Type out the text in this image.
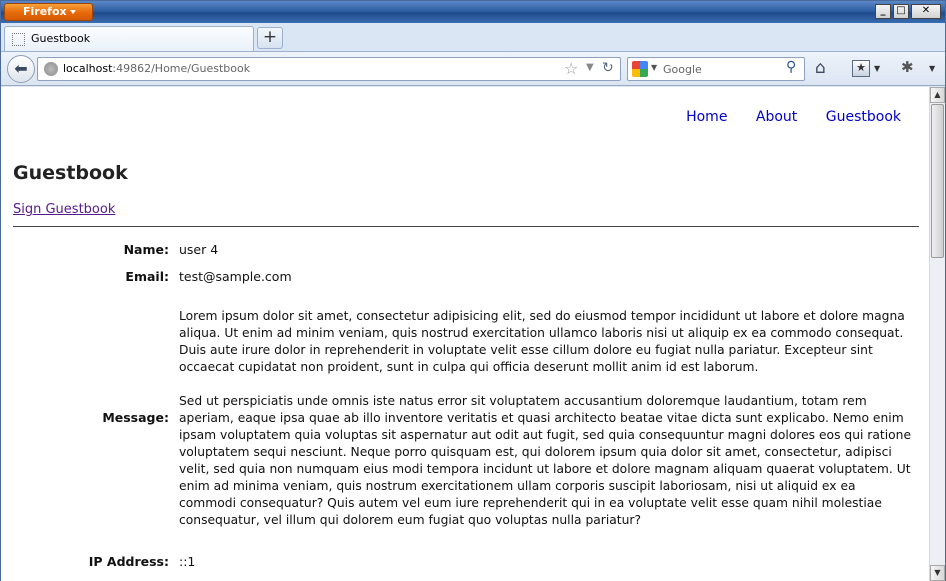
Firefox	_	□	✕
Guestbook	+
⬅	localhost:49862/Home/Guestbook	☆ ▼ ↻	▼ Google	⚲ ⌂	★	▼ ✱ ▼
Home About Guestbook
Guestbook
Sign Guestbook
Name: user 4
Email: test@sample.com
Message:

Lorem ipsum dolor sit amet, consectetur adipisicing elit, sed do eiusmod tempor incididunt ut labore et dolore magna aliqua. Ut enim ad minim veniam, quis nostrud exercitation ullamco laboris nisi ut aliquip ex ea commodo consequat. Duis aute irure dolor in reprehenderit in voluptate velit esse cillum dolore eu fugiat nulla pariatur. Excepteur sint occaecat cupidatat non proident, sunt in culpa qui officia deserunt mollit anim id est laborum.

Sed ut perspiciatis unde omnis iste natus error sit voluptatem accusantium doloremque laudantium, totam rem aperiam, eaque ipsa quae ab illo inventore veritatis et quasi architecto beatae vitae dicta sunt explicabo. Nemo enim ipsam voluptatem quia voluptas sit aspernatur aut odit aut fugit, sed quia consequuntur magni dolores eos qui ratione voluptatem sequi nesciunt. Neque porro quisquam est, qui dolorem ipsum quia dolor sit amet, consectetur, adipisci velit, sed quia non numquam eius modi tempora incidunt ut labore et dolore magnam aliquam quaerat voluptatem. Ut enim ad minima veniam, quis nostrum exercitationem ullam corporis suscipit laboriosam, nisi ut aliquid ex ea commodi consequatur? Quis autem vel eum iure reprehenderit qui in ea voluptate velit esse quam nihil molestiae consequatur, vel illum qui dolorem eum fugiat quo voluptas nulla pariatur?

IP Address: ::1
▲
▼
